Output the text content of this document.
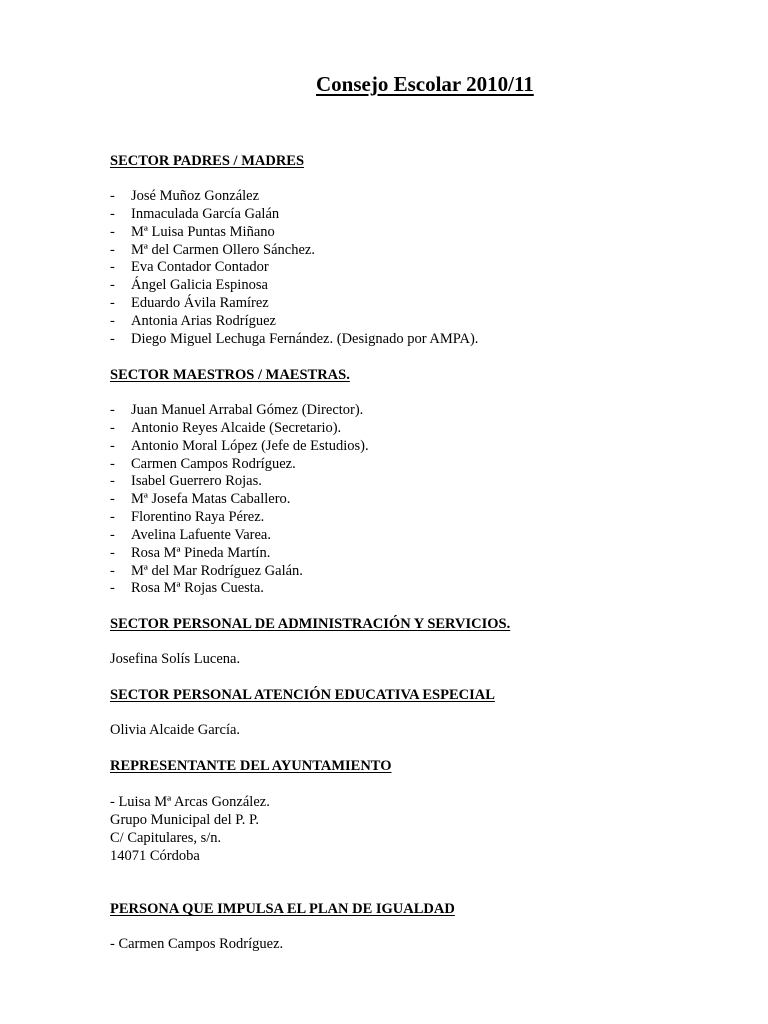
Consejo Escolar 2010/11
SECTOR PADRES / MADRES
- José Muñoz González
- Inmaculada García Galán
- Mª Luisa Puntas Miñano
- Mª del Carmen Ollero Sánchez.
- Eva Contador Contador
- Ángel Galicia Espinosa
- Eduardo Ávila Ramírez
- Antonia Arias Rodríguez
- Diego Miguel Lechuga Fernández. (Designado por AMPA).
SECTOR MAESTROS / MAESTRAS.
- Juan Manuel Arrabal Gómez (Director).
- Antonio Reyes Alcaide (Secretario).
- Antonio Moral López (Jefe de Estudios).
- Carmen Campos Rodríguez.
- Isabel Guerrero Rojas.
- Mª Josefa Matas Caballero.
- Florentino Raya Pérez.
- Avelina Lafuente Varea.
- Rosa Mª Pineda Martín.
- Mª del Mar Rodríguez Galán.
- Rosa Mª Rojas Cuesta.
SECTOR PERSONAL DE ADMINISTRACIÓN Y SERVICIOS.
Josefina Solís Lucena.
SECTOR PERSONAL ATENCIÓN EDUCATIVA ESPECIAL
Olivia Alcaide García.
REPRESENTANTE DEL AYUNTAMIENTO
- Luisa Mª Arcas González.
Grupo Municipal del P. P.
C/ Capitulares, s/n.
14071 Córdoba
PERSONA QUE IMPULSA EL PLAN DE IGUALDAD
- Carmen Campos Rodríguez.
